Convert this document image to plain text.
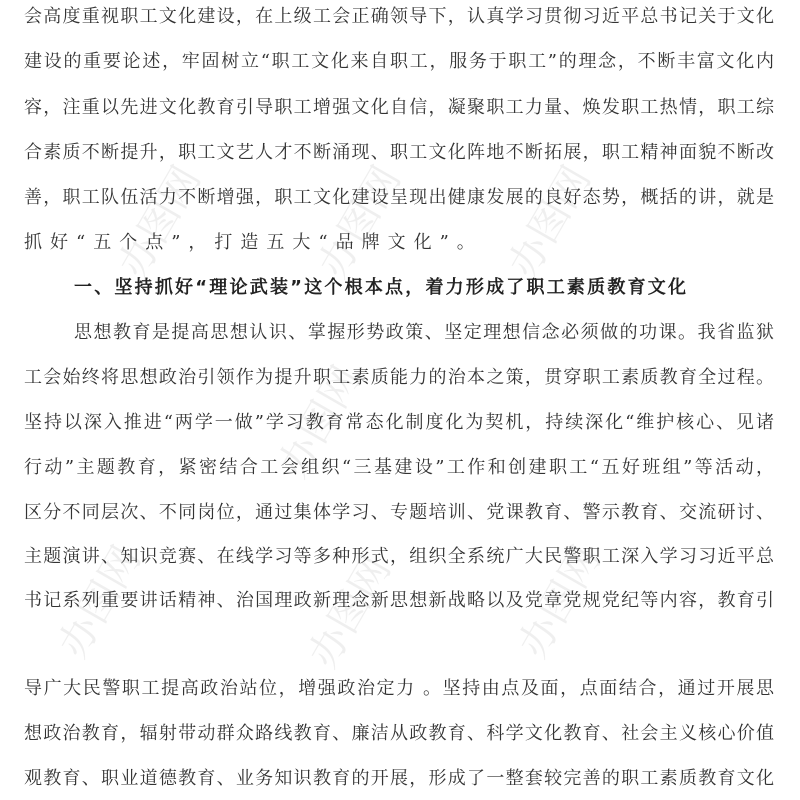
办图网	办图网
办图网
办图网	办图网
办图网
办图网
会高度重视职工文化建设，在上级工会正确领导下，认真学习贯彻习近平总书记关于文化
建设的重要论述，牢固树立“职工文化来自职工，服务于职工”的理念，不断丰富文化内
容，注重以先进文化教育引导职工增强文化自信，凝聚职工力量、焕发职工热情，职工综
合素质不断提升，职工文艺人才不断涌现、职工文化阵地不断拓展，职工精神面貌不断改
善，职工队伍活力不断增强，职工文化建设呈现出健康发展的良好态势，概括的讲，就是
抓好“五个点”，打造五大“品牌文化”。
一、坚持抓好“理论武装”这个根本点，着力形成了职工素质教育文化
思想教育是提高思想认识、掌握形势政策、坚定理想信念必须做的功课。我省监狱
工会始终将思想政治引领作为提升职工素质能力的治本之策，贯穿职工素质教育全过程。
坚持以深入推进“两学一做”学习教育常态化制度化为契机，持续深化“维护核心、见诸
行动”主题教育，紧密结合工会组织“三基建设”工作和创建职工“五好班组”等活动，
区分不同层次、不同岗位，通过集体学习、专题培训、党课教育、警示教育、交流研讨、
主题演讲、知识竞赛、在线学习等多种形式，组织全系统广大民警职工深入学习习近平总
书记系列重要讲话精神、治国理政新理念新思想新战略以及党章党规党纪等内容，教育引
导广大民警职工提高政治站位，增强政治定力 。坚持由点及面，点面结合，通过开展思
想政治教育，辐射带动群众路线教育、廉洁从政教育、科学文化教育、社会主义核心价值
观教育、职业道德教育、业务知识教育的开展，形成了一整套较完善的职工素质教育文化
